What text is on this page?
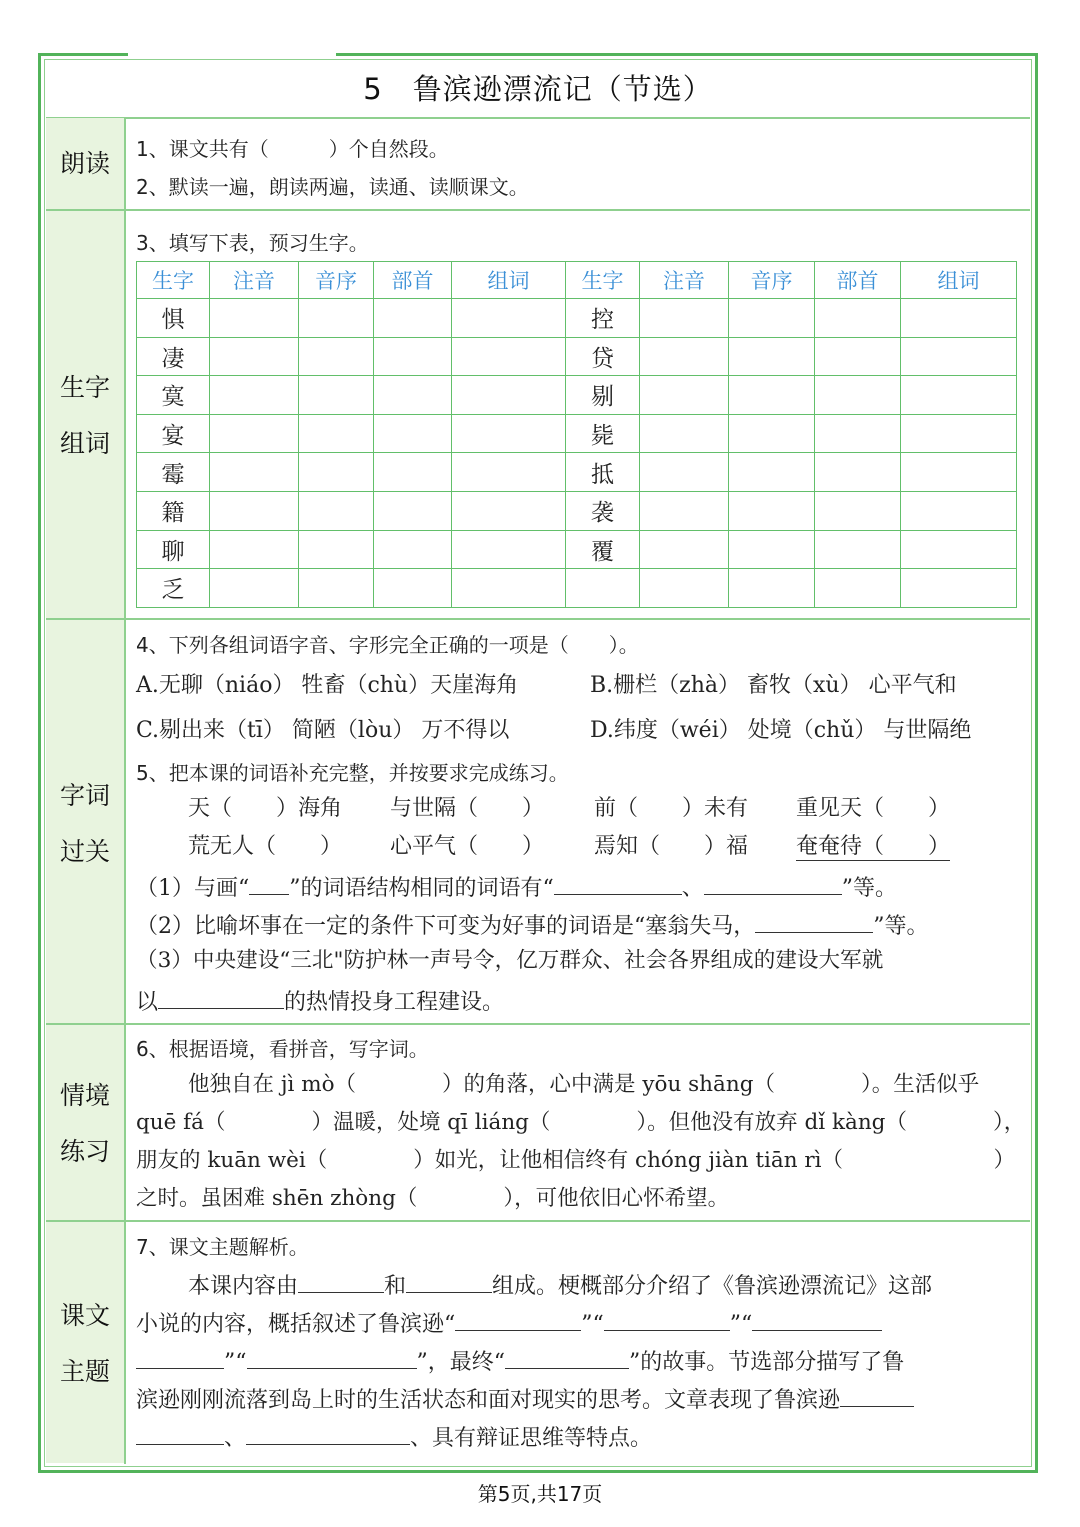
5　鲁滨逊漂流记（节选）
朗读	1、课文共有（　　　）个自然段。
2、默读一遍，朗读两遍，读通、读顺课文。
生字
组词
3、填写下表，预习生字。
生字	注音	音序	部首	组词	生字	注音	音序	部首	组词
惧					控				
凄					贷				
寞					剔				
宴					毙				
霉					抵				
籍					袭				
聊					覆				
乏									
字词
过关
4、下列各组词语字音、字形完全正确的一项是（　　）。
A.无聊（niáo） 牲畜（chù）天崖海角	B.栅栏（zhà） 畜牧（xù） 心平气和
C.剔出来（tī） 简陋（lòu） 万不得以	D.纬度（wéi） 处境（chǔ） 与世隔绝
5、把本课的词语补充完整，并按要求完成练习。
天（　　）海角 与世隔（　　） 前（　　）未有 重见天（　　）
荒无人（　　） 心平气（　　） 焉知（　　）福 奄奄待（　　）
（1）与画“ ”的词语结构相同的词语有“	、	”等。
（2）比喻坏事在一定的条件下可变为好事的词语是“塞翁失马，	”等。
（3）中央建设“三北"防护林一声号令，亿万群众、社会各界组成的建设大军就
以	的热情投身工程建设。
情境
练习
6、根据语境，看拼音，写字词。
他独自在 jì mò（　　　　）的角落，心中满是 yōu shāng（　　　　）。生活似乎
quē fá（　　　　）温暖，处境 qī liáng（　　　　）。但他没有放弃 dǐ kàng（　　　　），
朋友的 kuān wèi（　　　　）如光，让他相信终有 chóng jiàn tiān rì（　　　　　　　）
之时。虽困难 shēn zhòng（　　　　），可他依旧心怀希望。
课文
主题
7、课文主题解析。
本课内容由	和	组成。梗概部分介绍了《鲁滨逊漂流记》这部
小说的内容，概括叙述了鲁滨逊“	”“	”“
”“	”，最终“	”的故事。节选部分描写了鲁
滨逊刚刚流落到岛上时的生活状态和面对现实的思考。文章表现了鲁滨逊
、	、具有辩证思维等特点。
第5页,共17页
